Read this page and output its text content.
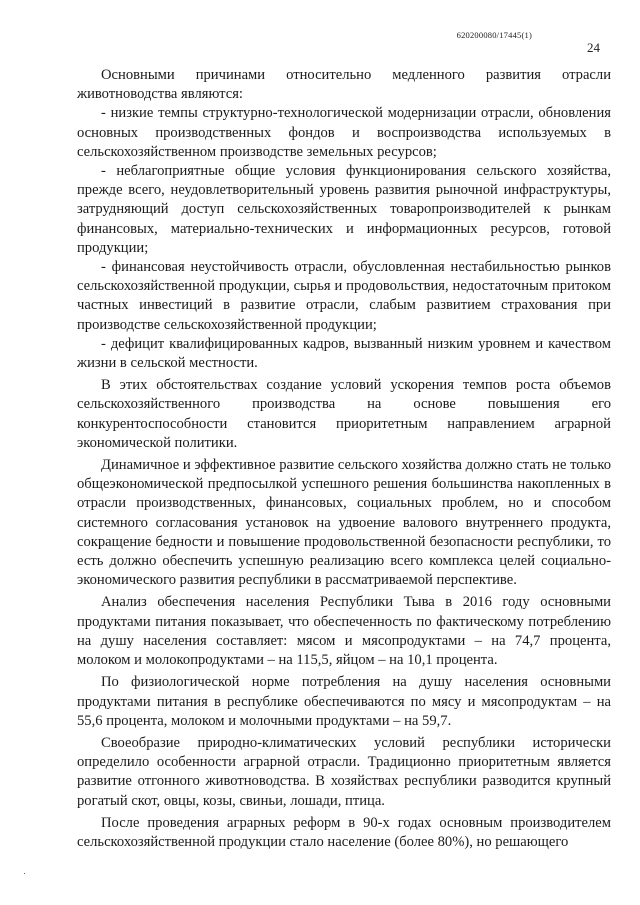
620200080/17445(1)
24

Основными причинами относительно медленного развития отрасли животноводства являются:

- низкие темпы структурно-технологической модернизации отрасли, обновления основных производственных фондов и воспроизводства используемых в сельскохозяйственном производстве земельных ресурсов;

- неблагоприятные общие условия функционирования сельского хозяйства, прежде всего, неудовлетворительный уровень развития рыночной инфраструктуры, затрудняющий доступ сельскохозяйственных товаропроизводителей к рынкам финансовых, материально-технических и информационных ресурсов, готовой продукции;

- финансовая неустойчивость отрасли, обусловленная нестабильностью рынков сельскохозяйственной продукции, сырья и продовольствия, недостаточным притоком частных инвестиций в развитие отрасли, слабым развитием страхования при производстве сельскохозяйственной продукции;

- дефицит квалифицированных кадров, вызванный низким уровнем и качеством жизни в сельской местности.

В этих обстоятельствах создание условий ускорения темпов роста объемов сельскохозяйственного производства на основе повышения его конкурентоспособности становится приоритетным направлением аграрной экономической политики.

Динамичное и эффективное развитие сельского хозяйства должно стать не только общеэкономической предпосылкой успешного решения большинства накопленных в отрасли производственных, финансовых, социальных проблем, но и способом системного согласования установок на удвоение валового внутреннего продукта, сокращение бедности и повышение продовольственной безопасности республики, то есть должно обеспечить успешную реализацию всего комплекса целей социально-экономического развития республики в рассматриваемой перспективе.

Анализ обеспечения населения Республики Тыва в 2016 году основными продуктами питания показывает, что обеспеченность по фактическому потреблению на душу населения составляет: мясом и мясопродуктами – на 74,7 процента, молоком и молокопродуктами – на 115,5, яйцом – на 10,1 процента.

По физиологической норме потребления на душу населения основными продуктами питания в республике обеспечиваются по мясу и мясопродуктам – на 55,6 процента, молоком и молочными продуктами – на 59,7.

Своеобразие природно-климатических условий республики исторически определило особенности аграрной отрасли. Традиционно приоритетным является развитие отгонного животноводства. В хозяйствах республики разводится крупный рогатый скот, овцы, козы, свиньи, лошади, птица.

После проведения аграрных реформ в 90-х годах основным производителем сельскохозяйственной продукции стало население (более 80%), но решающего
